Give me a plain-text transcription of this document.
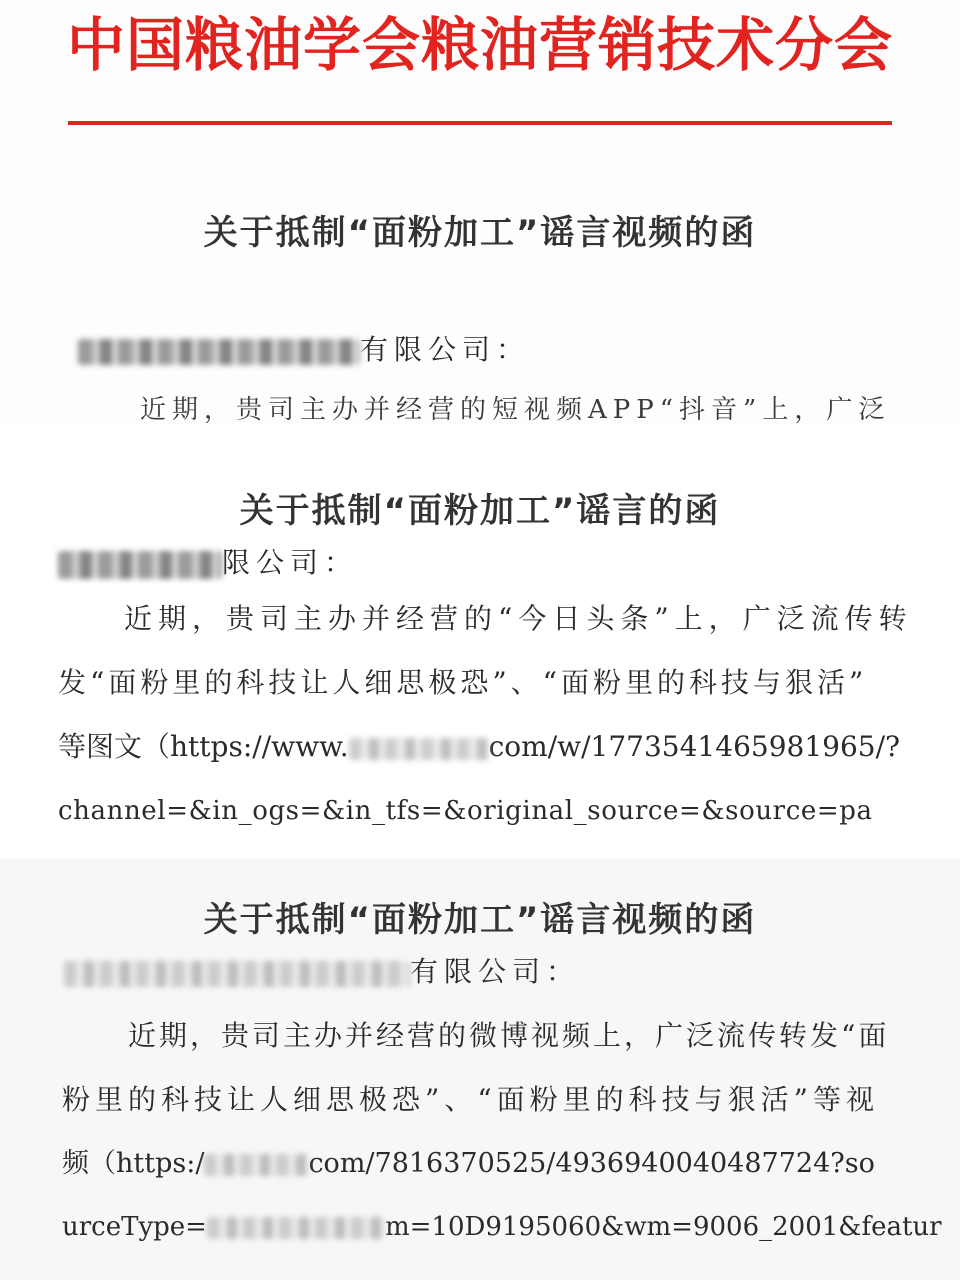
中国粮油学会粮油营销技术分会
关于抵制“面粉加工”谣言视频的函
有限公司：
近期，贵司主办并经营的短视频APP“抖音”上，广泛
关于抵制“面粉加工”谣言的函
限公司：
近期，贵司主办并经营的“今日头条”上，广泛流传转
发“面粉里的科技让人细思极恐”、“面粉里的科技与狠活”
等图文（https://www.	com/w/1773541465981965/?
channel=&in_ogs=&in_tfs=&original_source=&source=pa
关于抵制“面粉加工”谣言视频的函
有限公司：
近期，贵司主办并经营的微博视频上，广泛流传转发“面
粉里的科技让人细思极恐”、“面粉里的科技与狠活”等视
频（https:/	com/7816370525/4936940040487724?so
urceType=	m=10D9195060&wm=9006_2001&featur
